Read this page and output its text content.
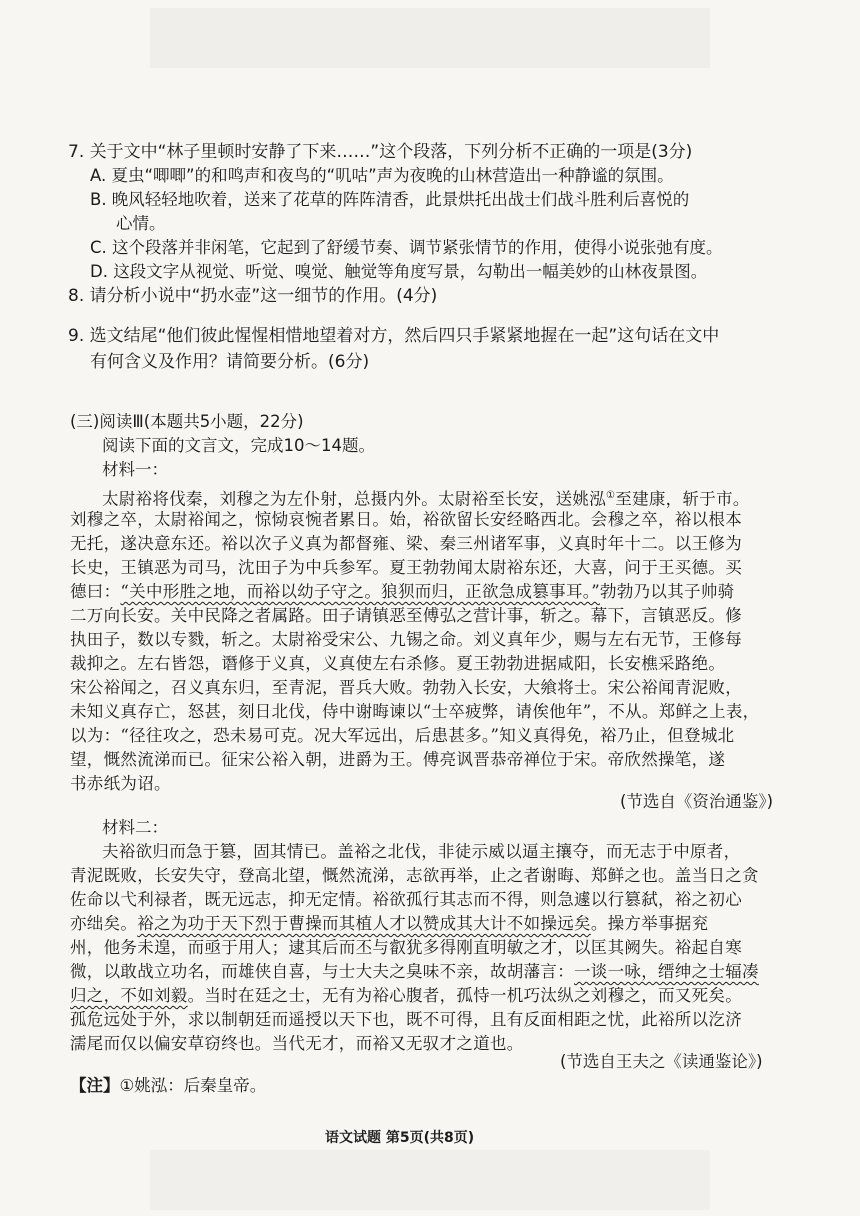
7. 关于文中“林子里顿时安静了下来……”这个段落，下列分析不正确的一项是(3分)
A. 夏虫“唧唧”的和鸣声和夜鸟的“叽咕”声为夜晚的山林营造出一种静谧的氛围。
B. 晚风轻轻地吹着，送来了花草的阵阵清香，此景烘托出战士们战斗胜利后喜悦的
心情。
C. 这个段落并非闲笔，它起到了舒缓节奏、调节紧张情节的作用，使得小说张弛有度。
D. 这段文字从视觉、听觉、嗅觉、触觉等角度写景，勾勒出一幅美妙的山林夜景图。
8. 请分析小说中“扔水壶”这一细节的作用。(4分)
9. 选文结尾“他们彼此惺惺相惜地望着对方，然后四只手紧紧地握在一起”这句话在文中
有何含义及作用？请简要分析。(6分)
(三)阅读Ⅲ(本题共5小题，22分)
阅读下面的文言文，完成10～14题。
材料一：
太尉裕将伐秦，刘穆之为左仆射，总摄内外。太尉裕至长安，送姚泓①至建康，斩于市。
刘穆之卒，太尉裕闻之，惊恸哀惋者累日。始，裕欲留长安经略西北。会穆之卒，裕以根本
无托，遂决意东还。裕以次子义真为都督雍、梁、秦三州诸军事，义真时年十二。以王修为
长史，王镇恶为司马，沈田子为中兵参军。夏王勃勃闻太尉裕东还，大喜，问于王买德。买
德曰：“关中形胜之地，而裕以幼子守之。狼狈而归，正欲急成篡事耳。”勃勃乃以其子帅骑
二万向长安。关中民降之者属路。田子请镇恶至傅弘之营计事，斩之。幕下，言镇恶反。修
执田子，数以专戮，斩之。太尉裕受宋公、九锡之命。刘义真年少，赐与左右无节，王修每
裁抑之。左右皆怨，谮修于义真，义真使左右杀修。夏王勃勃进据咸阳，长安樵采路绝。
宋公裕闻之，召义真东归，至青泥，晋兵大败。勃勃入长安，大飨将士。宋公裕闻青泥败，
未知义真存亡，怒甚，刻日北伐，侍中谢晦谏以“士卒疲弊，请俟他年”，不从。郑鲜之上表，
以为：“径往攻之，恐未易可克。况大军远出，后患甚多。”知义真得免，裕乃止，但登城北
望，慨然流涕而已。征宋公裕入朝，进爵为王。傅亮讽晋恭帝禅位于宋。帝欣然操笔，遂
书赤纸为诏。
(节选自《资治通鉴》)
材料二：
夫裕欲归而急于篡，固其情已。盖裕之北伐，非徒示威以逼主攘夺，而无志于中原者，
青泥既败，长安失守，登高北望，慨然流涕，志欲再举，止之者谢晦、郑鲜之也。盖当日之贪
佐命以弋利禄者，既无远志，抑无定情。裕欲孤行其志而不得，则急遽以行篡弑，裕之初心
亦绌矣。裕之为功于天下烈于曹操而其植人才以赞成其大计不如操远矣。操方举事据兖
州，他务未遑，而亟于用人；逮其后而丕与叡犹多得刚直明敏之才，以匡其阙失。裕起自寒
微，以敢战立功名，而雄侠自喜，与士大夫之臭味不亲，故胡藩言：一谈一咏，缙绅之士辐凑
归之，不如刘毅。当时在廷之士，无有为裕心腹者，孤恃一机巧汰纵之刘穆之，而又死矣。
孤危远处于外，求以制朝廷而遥授以天下也，既不可得，且有反面相距之忧，此裕所以汔济
濡尾而仅以偏安草窃终也。当代无才，而裕又无驭才之道也。
(节选自王夫之《读通鉴论》)
【注】①姚泓：后秦皇帝。
语文试题 第5页(共8页)
